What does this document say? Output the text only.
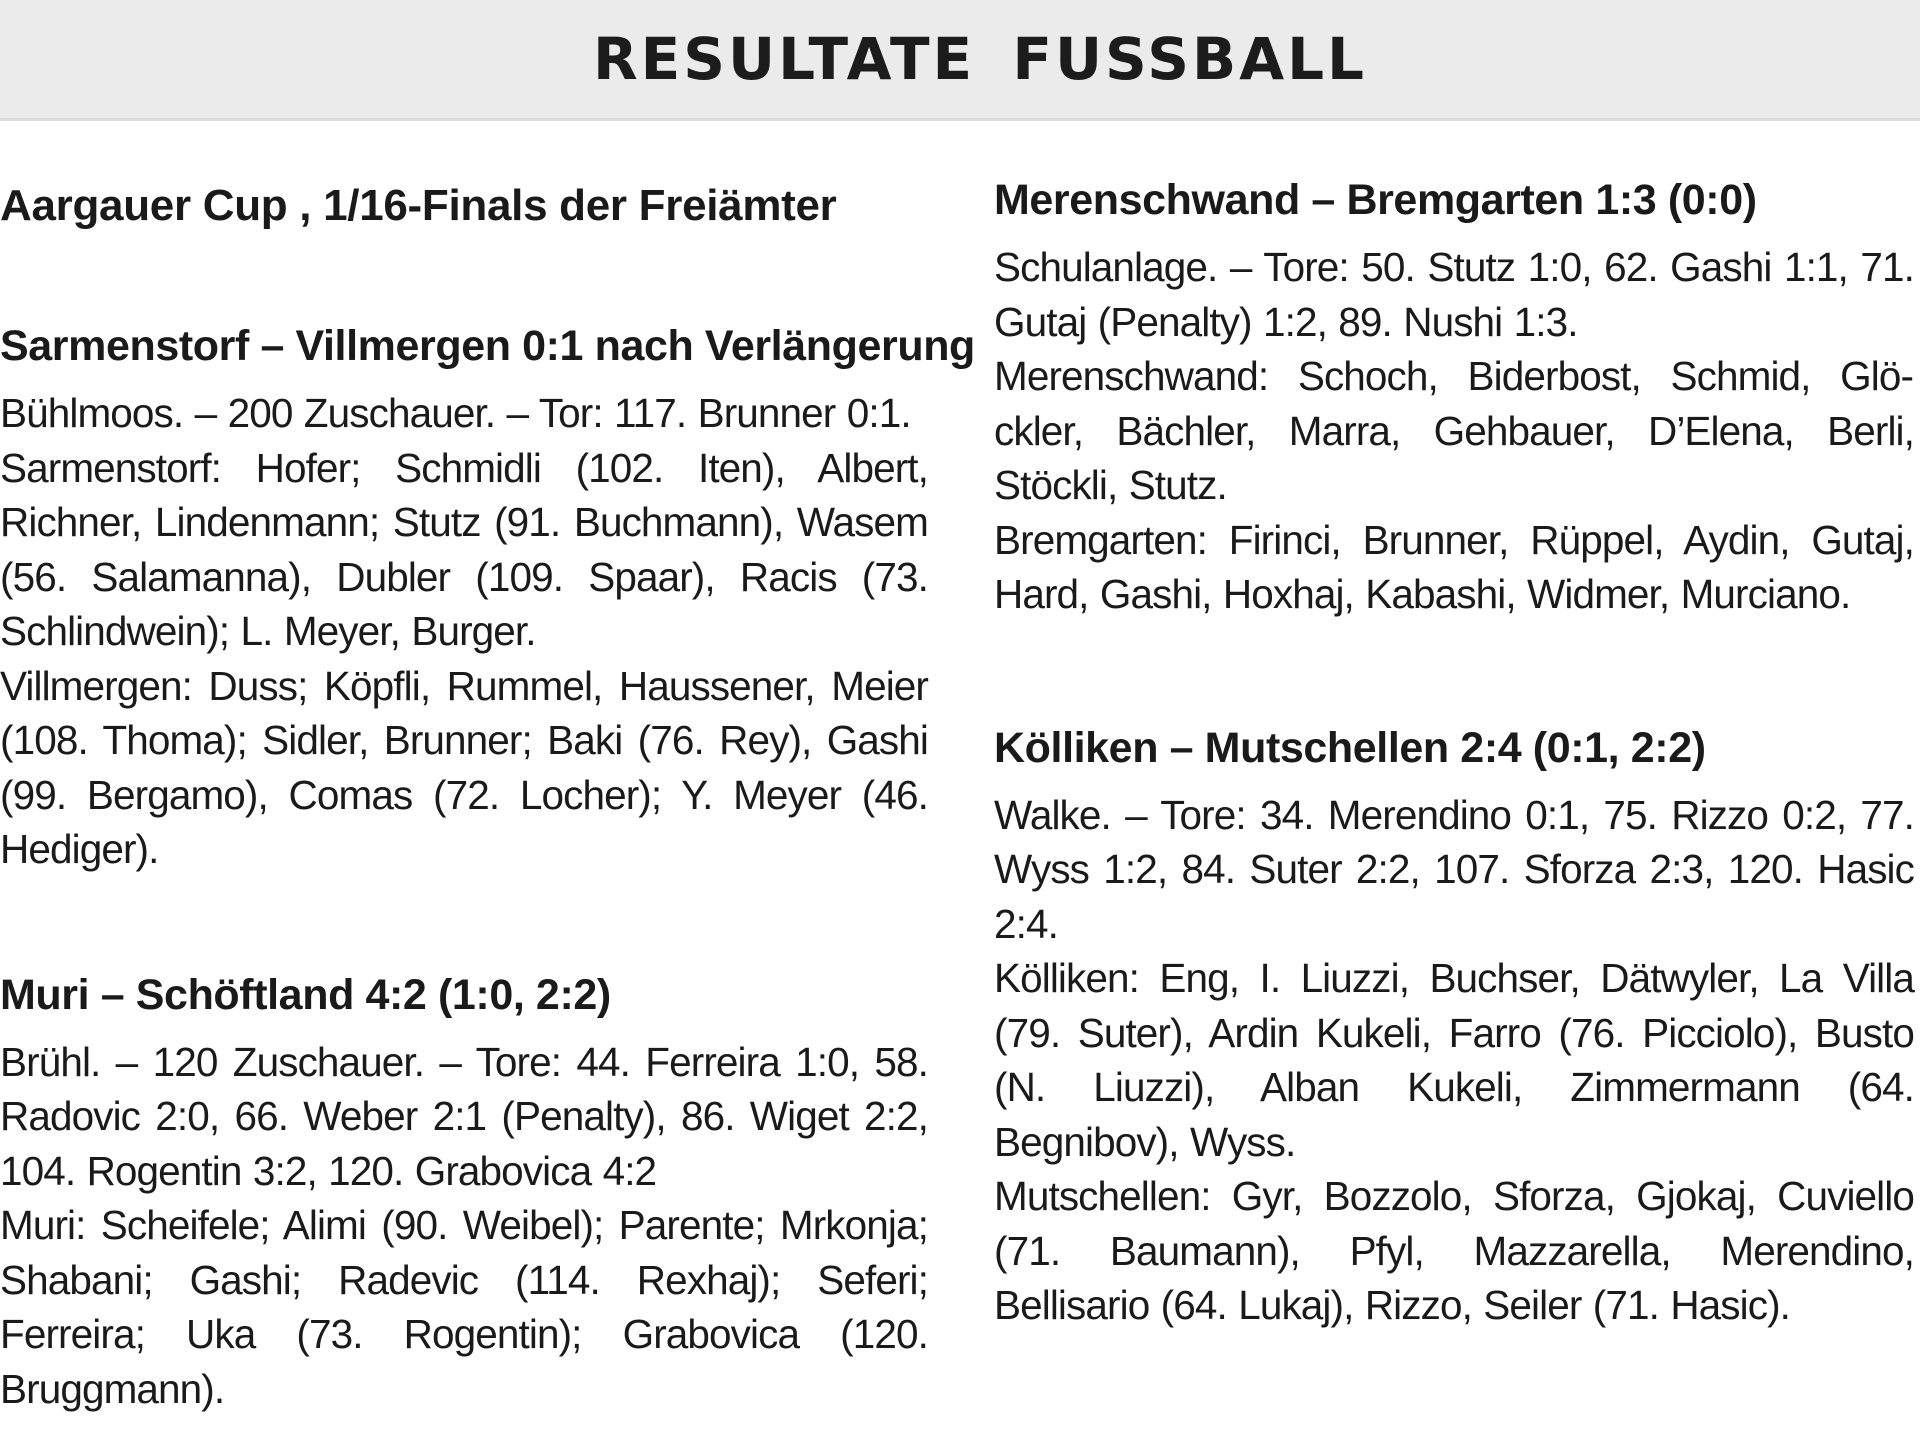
RESULTATE FUSSBALL
Aargauer Cup , 1/16-Finals der Freiämter
Sarmenstorf – Villmergen 0:1 nach Verlängerung

Bühlmoos. – 200 Zuschauer. – Tor: 117. Brunner 0:1.

Sarmenstorf: Hofer; Schmidli (102. Iten), Albert, Richner, Lindenmann; Stutz (91. Buchmann), Wasem (56. Salamanna), Dubler (109. Spaar), Racis (73. Schlindwein); L. Meyer, Burger.

Villmergen: Duss; Köpfli, Rummel, Haussener, Meier (108. Thoma); Sidler, Brunner; Baki (76. Rey), Gashi (99. Bergamo), Comas (72. Locher); Y. Meyer (46. Hediger).

Muri – Schöftland 4:2 (1:0, 2:2)

Brühl. – 120 Zuschauer. – Tore: 44. Ferreira 1:0, 58. Radovic 2:0, 66. Weber 2:1 (Penalty), 86. Wiget 2:2, 104. Rogentin 3:2, 120. Grabovica 4:2

Muri: Scheifele; Alimi (90. Weibel); Parente; Mrkonja; Shabani; Gashi; Radevic (114. Rexhaj); Seferi; Ferreira; Uka (73. Rogentin); Grabovica (120. Bruggmann).

Merenschwand – Bremgarten 1:3 (0:0)

Schulanlage. – Tore: 50. Stutz 1:0, 62. Gashi 1:1, 71. Gutaj (Penalty) 1:2, 89. Nushi 1:3.

Merenschwand: Schoch, Biderbost, Schmid, Glöckler, Bächler, Marra, Gehbauer, D’Elena, Berli, Stöckli, Stutz.

Bremgarten: Firinci, Brunner, Rüppel, Aydin, Gutaj, Hard, Gashi, Hoxhaj, Kabashi, Widmer, Murciano.

Kölliken – Mutschellen 2:4 (0:1, 2:2)

Walke. – Tore: 34. Merendino 0:1, 75. Rizzo 0:2, 77. Wyss 1:2, 84. Suter 2:2, 107. Sforza 2:3, 120. Hasic 2:4.

Kölliken: Eng, I. Liuzzi, Buchser, Dätwyler, La Villa (79. Suter), Ardin Kukeli, Farro (76. Picciolo), Busto (N. Liuzzi), Alban Kukeli, Zimmermann (64. Begnibov), Wyss.

Mutschellen: Gyr, Bozzolo, Sforza, Gjokaj, Cuviello (71. Baumann), Pfyl, Mazzarella, Merendino, Bellisario (64. Lukaj), Rizzo, Seiler (71. Hasic).
